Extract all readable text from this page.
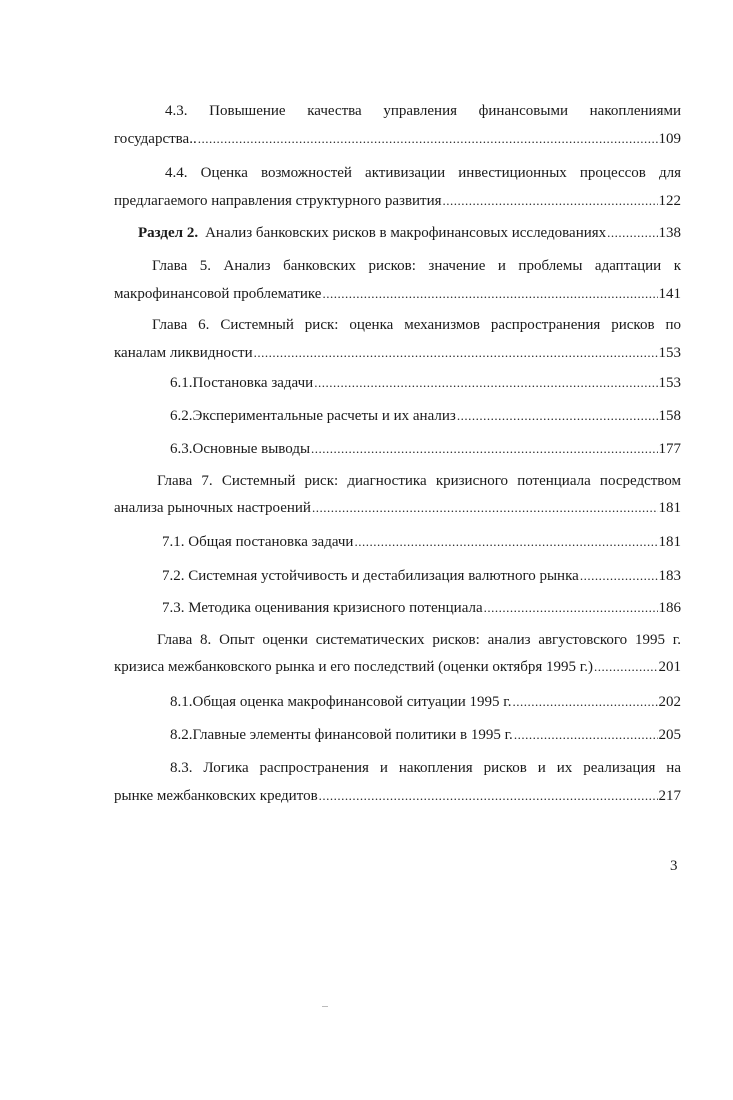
4.3. Повышение качества управления финансовыми накоплениями
государства.. .....	109
4.4. Оценка возможностей активизации инвестиционных процессов для
предлагаемого направления структурного развития .....	122
Раздел 2. Анализ банковских рисков в макрофинансовых исследованиях .....	138
Глава 5. Анализ банковских рисков: значение и проблемы адаптации к
макрофинансовой проблематике .....	141
Глава 6. Системный риск: оценка механизмов распространения рисков по
каналам ликвидности .....	153
6.1. Постановка задачи .....	153
6.2. Экспериментальные расчеты и их анализ .....	158
6.3. Основные выводы .....	177
Глава 7. Системный риск: диагностика кризисного потенциала посредством
анализа рыночных настроений .....	181
7.1. Общая постановка задачи .....	181
7.2. Системная устойчивость и дестабилизация валютного рынка .....	183
7.3. Методика оценивания кризисного потенциала .....	186
Глава 8. Опыт оценки систематических рисков: анализ августовского 1995 г.
кризиса межбанковского рынка и его последствий (оценки октября 1995 г.) .....	201
8.1. Общая оценка макрофинансовой ситуации 1995 г. .....	202
8.2. Главные элементы финансовой политики в 1995 г. .....	205
8.3. Логика распространения и накопления рисков и их реализация на
рынке межбанковских кредитов .....	217
3
